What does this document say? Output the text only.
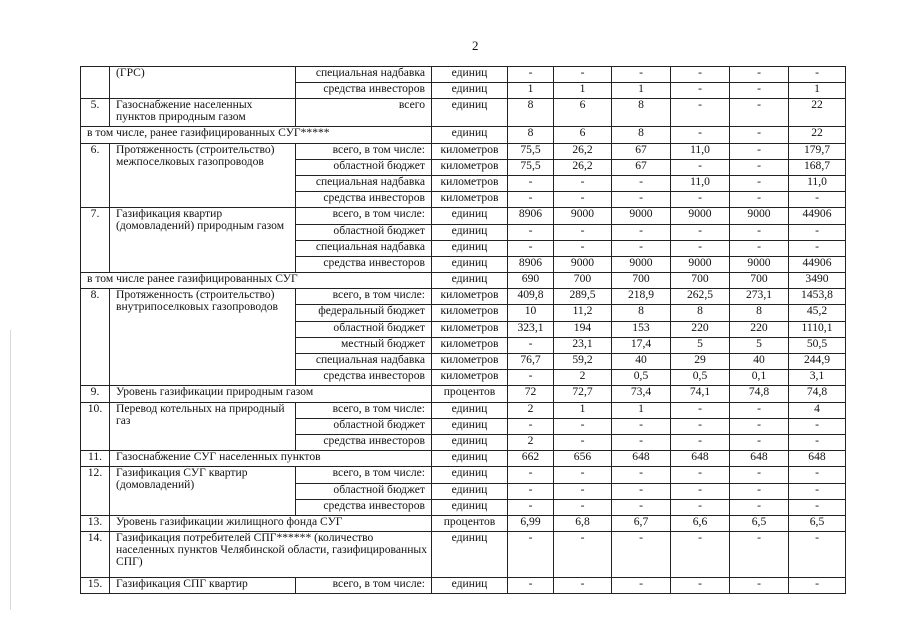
2
	(ГРС)	специальная надбавка	единиц	-	-	-	-	-	-
		средства инвесторов	единиц	1	1	1	-	-	1
5.	Газоснабжение населенных пунктов природным газом	всего	единиц	8	6	8	-	-	22
в том числе, ранее газифицированных СУГ*****			единиц	8	6	8	-	-	22
6.	Протяженность (строительство) межпоселковых газопроводов	всего, в том числе:	километров	75,5	26,2	67	11,0	-	179,7
		областной бюджет	километров	75,5	26,2	67	-	-	168,7
		специальная надбавка	километров	-	-	-	11,0	-	11,0
		средства инвесторов	километров	-	-	-	-	-	-
7.	Газификация квартир (домовладений) природным газом	всего, в том числе:	единиц	8906	9000	9000	9000	9000	44906
		областной бюджет	единиц	-	-	-	-	-	-
		специальная надбавка	единиц	-	-	-	-	-	-
		средства инвесторов	единиц	8906	9000	9000	9000	9000	44906
в том числе ранее газифицированных СУГ			единиц	690	700	700	700	700	3490
8.	Протяженность (строительство) внутрипоселковых газопроводов	всего, в том числе:	километров	409,8	289,5	218,9	262,5	273,1	1453,8
		федеральный бюджет	километров	10	11,2	8	8	8	45,2
		областной бюджет	километров	323,1	194	153	220	220	1110,1
		местный бюджет	километров	-	23,1	17,4	5	5	50,5
		специальная надбавка	километров	76,7	59,2	40	29	40	244,9
		средства инвесторов	километров	-	2	0,5	0,5	0,1	3,1
9.	Уровень газификации природным газом		процентов	72	72,7	73,4	74,1	74,8	74,8
10.	Перевод котельных на природный газ	всего, в том числе:	единиц	2	1	1	-	-	4
		областной бюджет	единиц	-	-	-	-	-	-
		средства инвесторов	единиц	2	-	-	-	-	-
11.	Газоснабжение СУГ населенных пунктов		единиц	662	656	648	648	648	648
12.	Газификация СУГ квартир (домовладений)	всего, в том числе:	единиц	-	-	-	-	-	-
		областной бюджет	единиц	-	-	-	-	-	-
		средства инвесторов	единиц	-	-	-	-	-	-
13.	Уровень газификации жилищного фонда СУГ		процентов	6,99	6,8	6,7	6,6	6,5	6,5
14.	Газификация потребителей СПГ****** (количество населенных пунктов Челябинской области, газифицированных СПГ)		единиц	-	-	-	-	-	-
15.	Газификация СПГ квартир	всего, в том числе:	единиц	-	-	-	-	-	-
